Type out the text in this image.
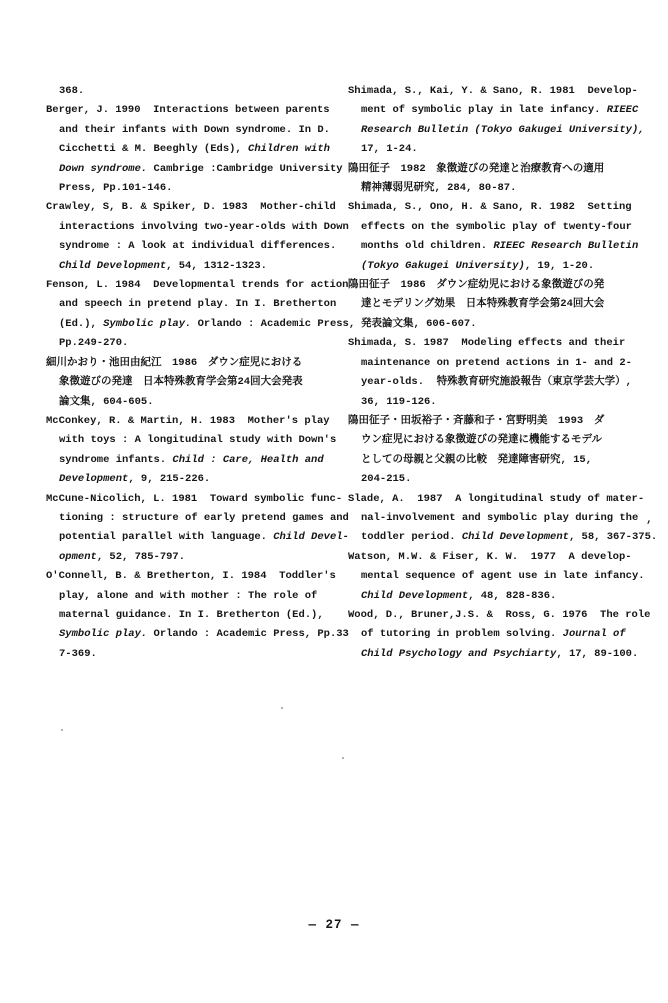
368.
Berger, J. 1990  Interactions between parents
and their infants with Down syndrome. In D.
Cicchetti & M. Beeghly (Eds), Children with
Down syndrome. Cambrige :Cambridge University
Press, Pp.101-146.
Crawley, S, B. & Spiker, D. 1983  Mother-child
interactions involving two-year-olds with Down
syndrome : A look at individual differences.
Child Development, 54, 1312-1323.
Fenson, L. 1984  Developmental trends for action
and speech in pretend play. In I. Bretherton
(Ed.), Symbolic play. Orlando : Academic Press,
Pp.249-270.
細川かおり・池田由紀江　1986　ダウン症児における
象徴遊びの発達　日本特殊教育学会第24回大会発表
論文集, 604-605.
McConkey, R. & Martin, H. 1983  Mother's play
with toys : A longitudinal study with Down's
syndrome infants. Child : Care, Health and
Development, 9, 215-226.
McCune-Nicolich, L. 1981  Toward symbolic func-
tioning : structure of early pretend games and
potential parallel with language. Child Devel-
opment, 52, 785-797.
O'Connell, B. & Bretherton, I. 1984  Toddler's
play, alone and with mother : The role of
maternal guidance. In I. Bretherton (Ed.),
Symbolic play. Orlando : Academic Press, Pp.33
7-369.
Shimada, S., Kai, Y. & Sano, R. 1981  Develop-
ment of symbolic play in late infancy. RIEEC
Research Bulletin (Tokyo Gakugei University),
17, 1-24.
隝田征子　1982　象徴遊びの発達と治療教育への適用
精神薄弱児研究, 284, 80-87.
Shimada, S., Ono, H. & Sano, R. 1982  Setting
effects on the symbolic play of twenty-four
months old children. RIEEC Research Bulletin
(Tokyo Gakugei University), 19, 1-20.
隝田征子　1986　ダウン症幼児における象徴遊びの発
達とモデリング効果　日本特殊教育学会第24回大会
発表論文集, 606-607.
Shimada, S. 1987  Modeling effects and their
maintenance on pretend actions in 1- and 2-
year-olds.  特殊教育研究施設報告（東京学芸大学）,
36, 119-126.
隝田征子・田坂裕子・斉藤和子・宮野明美　1993　ダ
ウン症児における象徴遊びの発達に機能するモデル
としての母親と父親の比較　発達障害研究, 15,
204-215.
Slade, A.  1987  A longitudinal study of mater-
nal-involvement and symbolic play during the
toddler period. Child Development, 58, 367-375.
Watson, M.W. & Fiser, K. W.  1977  A develop-
mental sequence of agent use in late infancy.
Child Development, 48, 828-836.
Wood, D., Bruner,J.S. &  Ross, G. 1976  The role
of tutoring in problem solving. Journal of
Child Psychology and Psychiarty, 17, 89-100.
— 27 —
,
